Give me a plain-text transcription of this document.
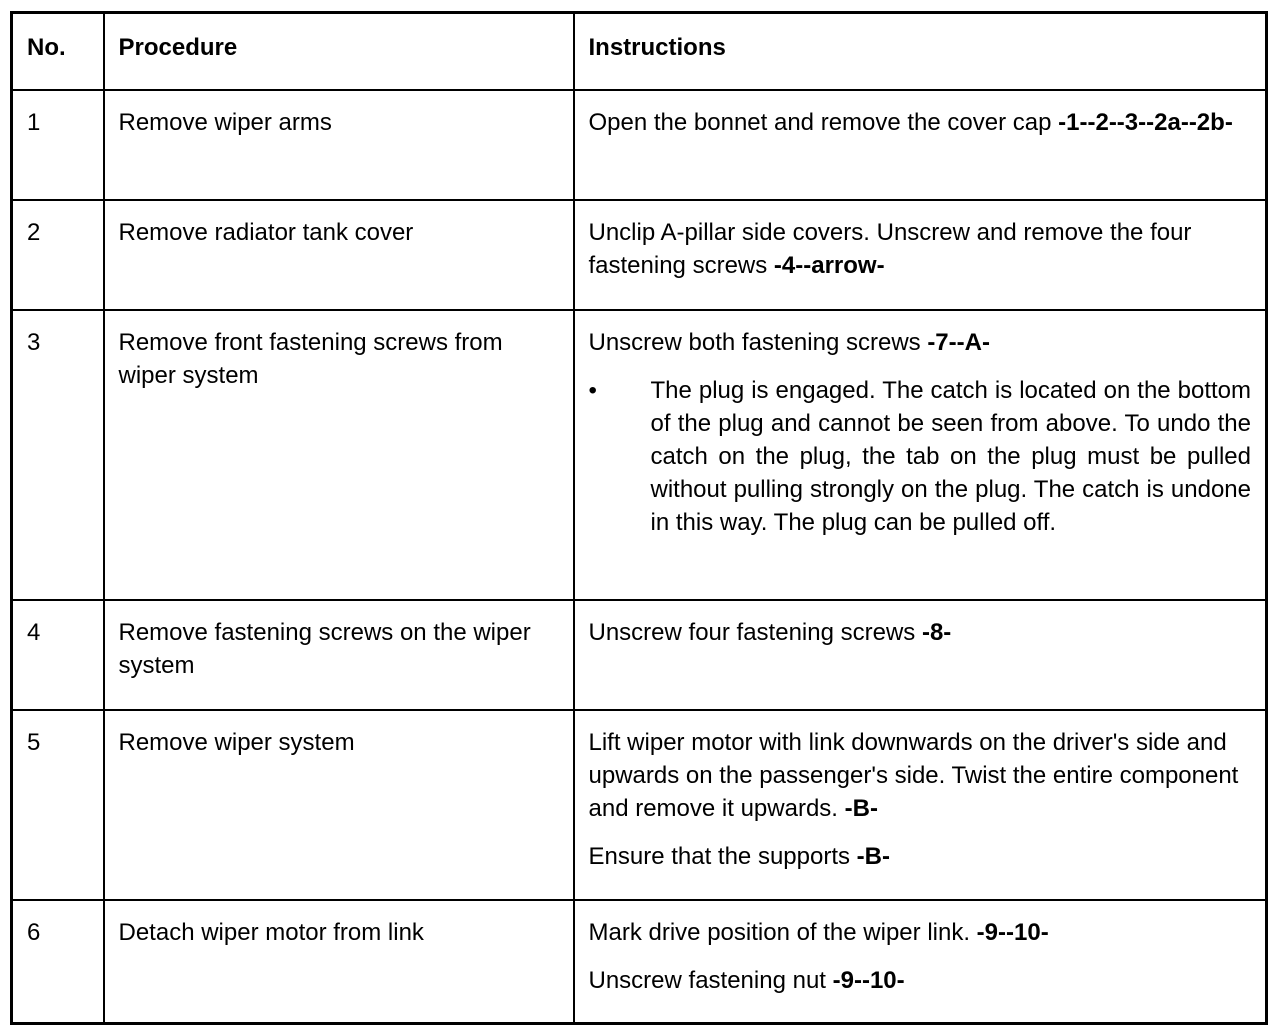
No.	Procedure	Instructions
1	Remove wiper arms	Open the bonnet and remove the cover cap -1--2--3--2a--2b-

2	Remove radiator tank cover	Unclip A-pillar side covers. Unscrew and remove the four fastening screws -4--arrow-

3	Remove front fastening screws from wiper system	Unscrew both fastening screws -7--A-

• The plug is engaged. The catch is located on the bottom of the plug and cannot be seen from above. To undo the catch on the plug, the tab on the plug must be pulled without pulling strongly on the plug. The catch is undone in this way. The plug can be pulled off.

4	Remove fastening screws on the wiper system	Unscrew four fastening screws -8-

5	Remove wiper system	Lift wiper motor with link downwards on the driver's side and upwards on the passenger's side. Twist the entire component and remove it upwards. -B-

Ensure that the supports -B-

6	Detach wiper motor from link	Mark drive position of the wiper link. -9--10-

Unscrew fastening nut -9--10-
